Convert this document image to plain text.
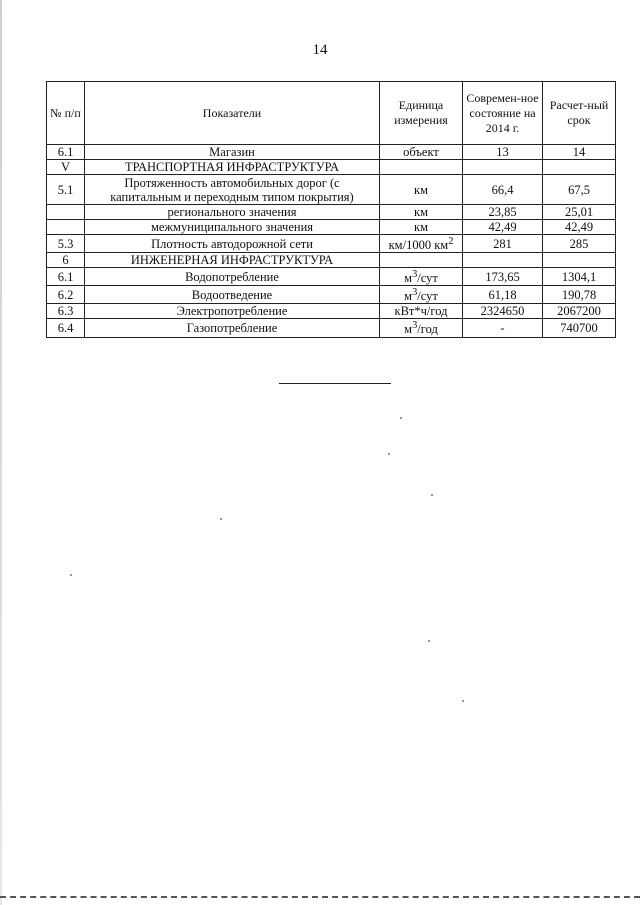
14
№ п/п	Показатели	Единица измерения	Современ-ное состояние на 2014 г.	Расчет-ный срок
6.1	Магазин	объект	13	14
V	ТРАНСПОРТНАЯ ИНФРАСТРУКТУРА			
5.1	Протяженность автомобильных дорог (с капитальным и переходным типом покрытия)	км	66,4	67,5
	регионального значения	км	23,85	25,01
	межмуниципального значения	км	42,49	42,49
5.3	Плотность автодорожной сети	км/1000 $км^2$	281	285
6	ИНЖЕНЕРНАЯ ИНФРАСТРУКТУРА			
6.1	Водопотребление	$м^3$/сут	173,65	1304,1
6.2	Водоотведение	$м^3$/сут	61,18	190,78
6.3	Электропотребление	кВт*ч/год	2324650	2067200
6.4	Газопотребление	$м^3$/год	-	740700
